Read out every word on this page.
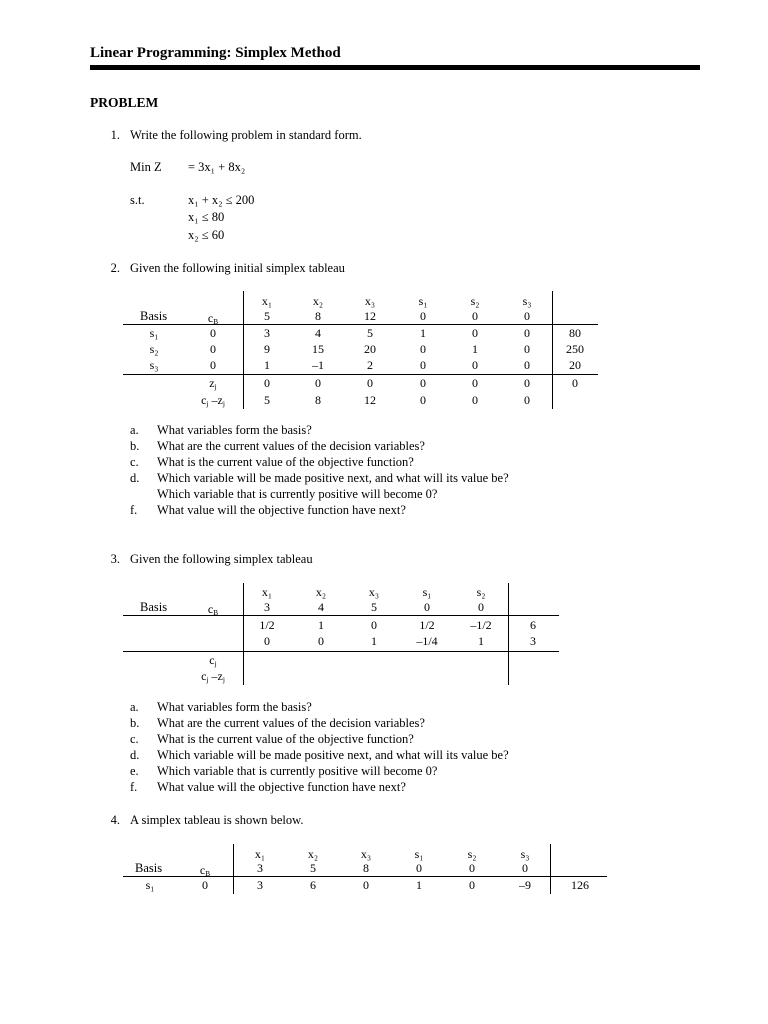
Linear Programming: Simplex Method
PROBLEM
1. Write the following problem in standard form.
Min Z = 3x₁ + 8x₂
s.t.	x₁ + x₂ ≤ 200
x₁ ≤ 80
x₂ ≤ 60
2. Given the following initial simplex tableau
x₁	x₂	x₃	s₁	s₂	s₃
Basis	$c_B$	5	8	12	0	0	0
s₁	0	3	4	5	1	0	0	80
s₂	0	9	15	20	0	1	0	250
s₃	0	1	–1	2	0	0	0	20
$z_j$	0	0	0	0	0	0	0
$c_j$ $-z_j$	5	8	12	0	0	0
a. What variables form the basis?
b. What are the current values of the decision variables?
c. What is the current value of the objective function?
d. Which variable will be made positive next, and what will its value be?
Which variable that is currently positive will become 0?
f. What value will the objective function have next?
3. Given the following simplex tableau
x₁	x₂	x₃	s₁	s₂
Basis	$c_B$	3	4	5	0	0
1/2	1	0	1/2	–1/2	6
0	0	1	–1/4	1	3
$c_j$
$c_j$ $-z_j$
a. What variables form the basis?
b. What are the current values of the decision variables?
c. What is the current value of the objective function?
d. Which variable will be made positive next, and what will its value be?
e. Which variable that is currently positive will become 0?
f. What value will the objective function have next?
4. A simplex tableau is shown below.
x₁	x₂	x₃	s₁	s₂	s₃
Basis	$c_B$	3	5	8	0	0	0
s₁	0	3	6	0	1	0	–9	126
